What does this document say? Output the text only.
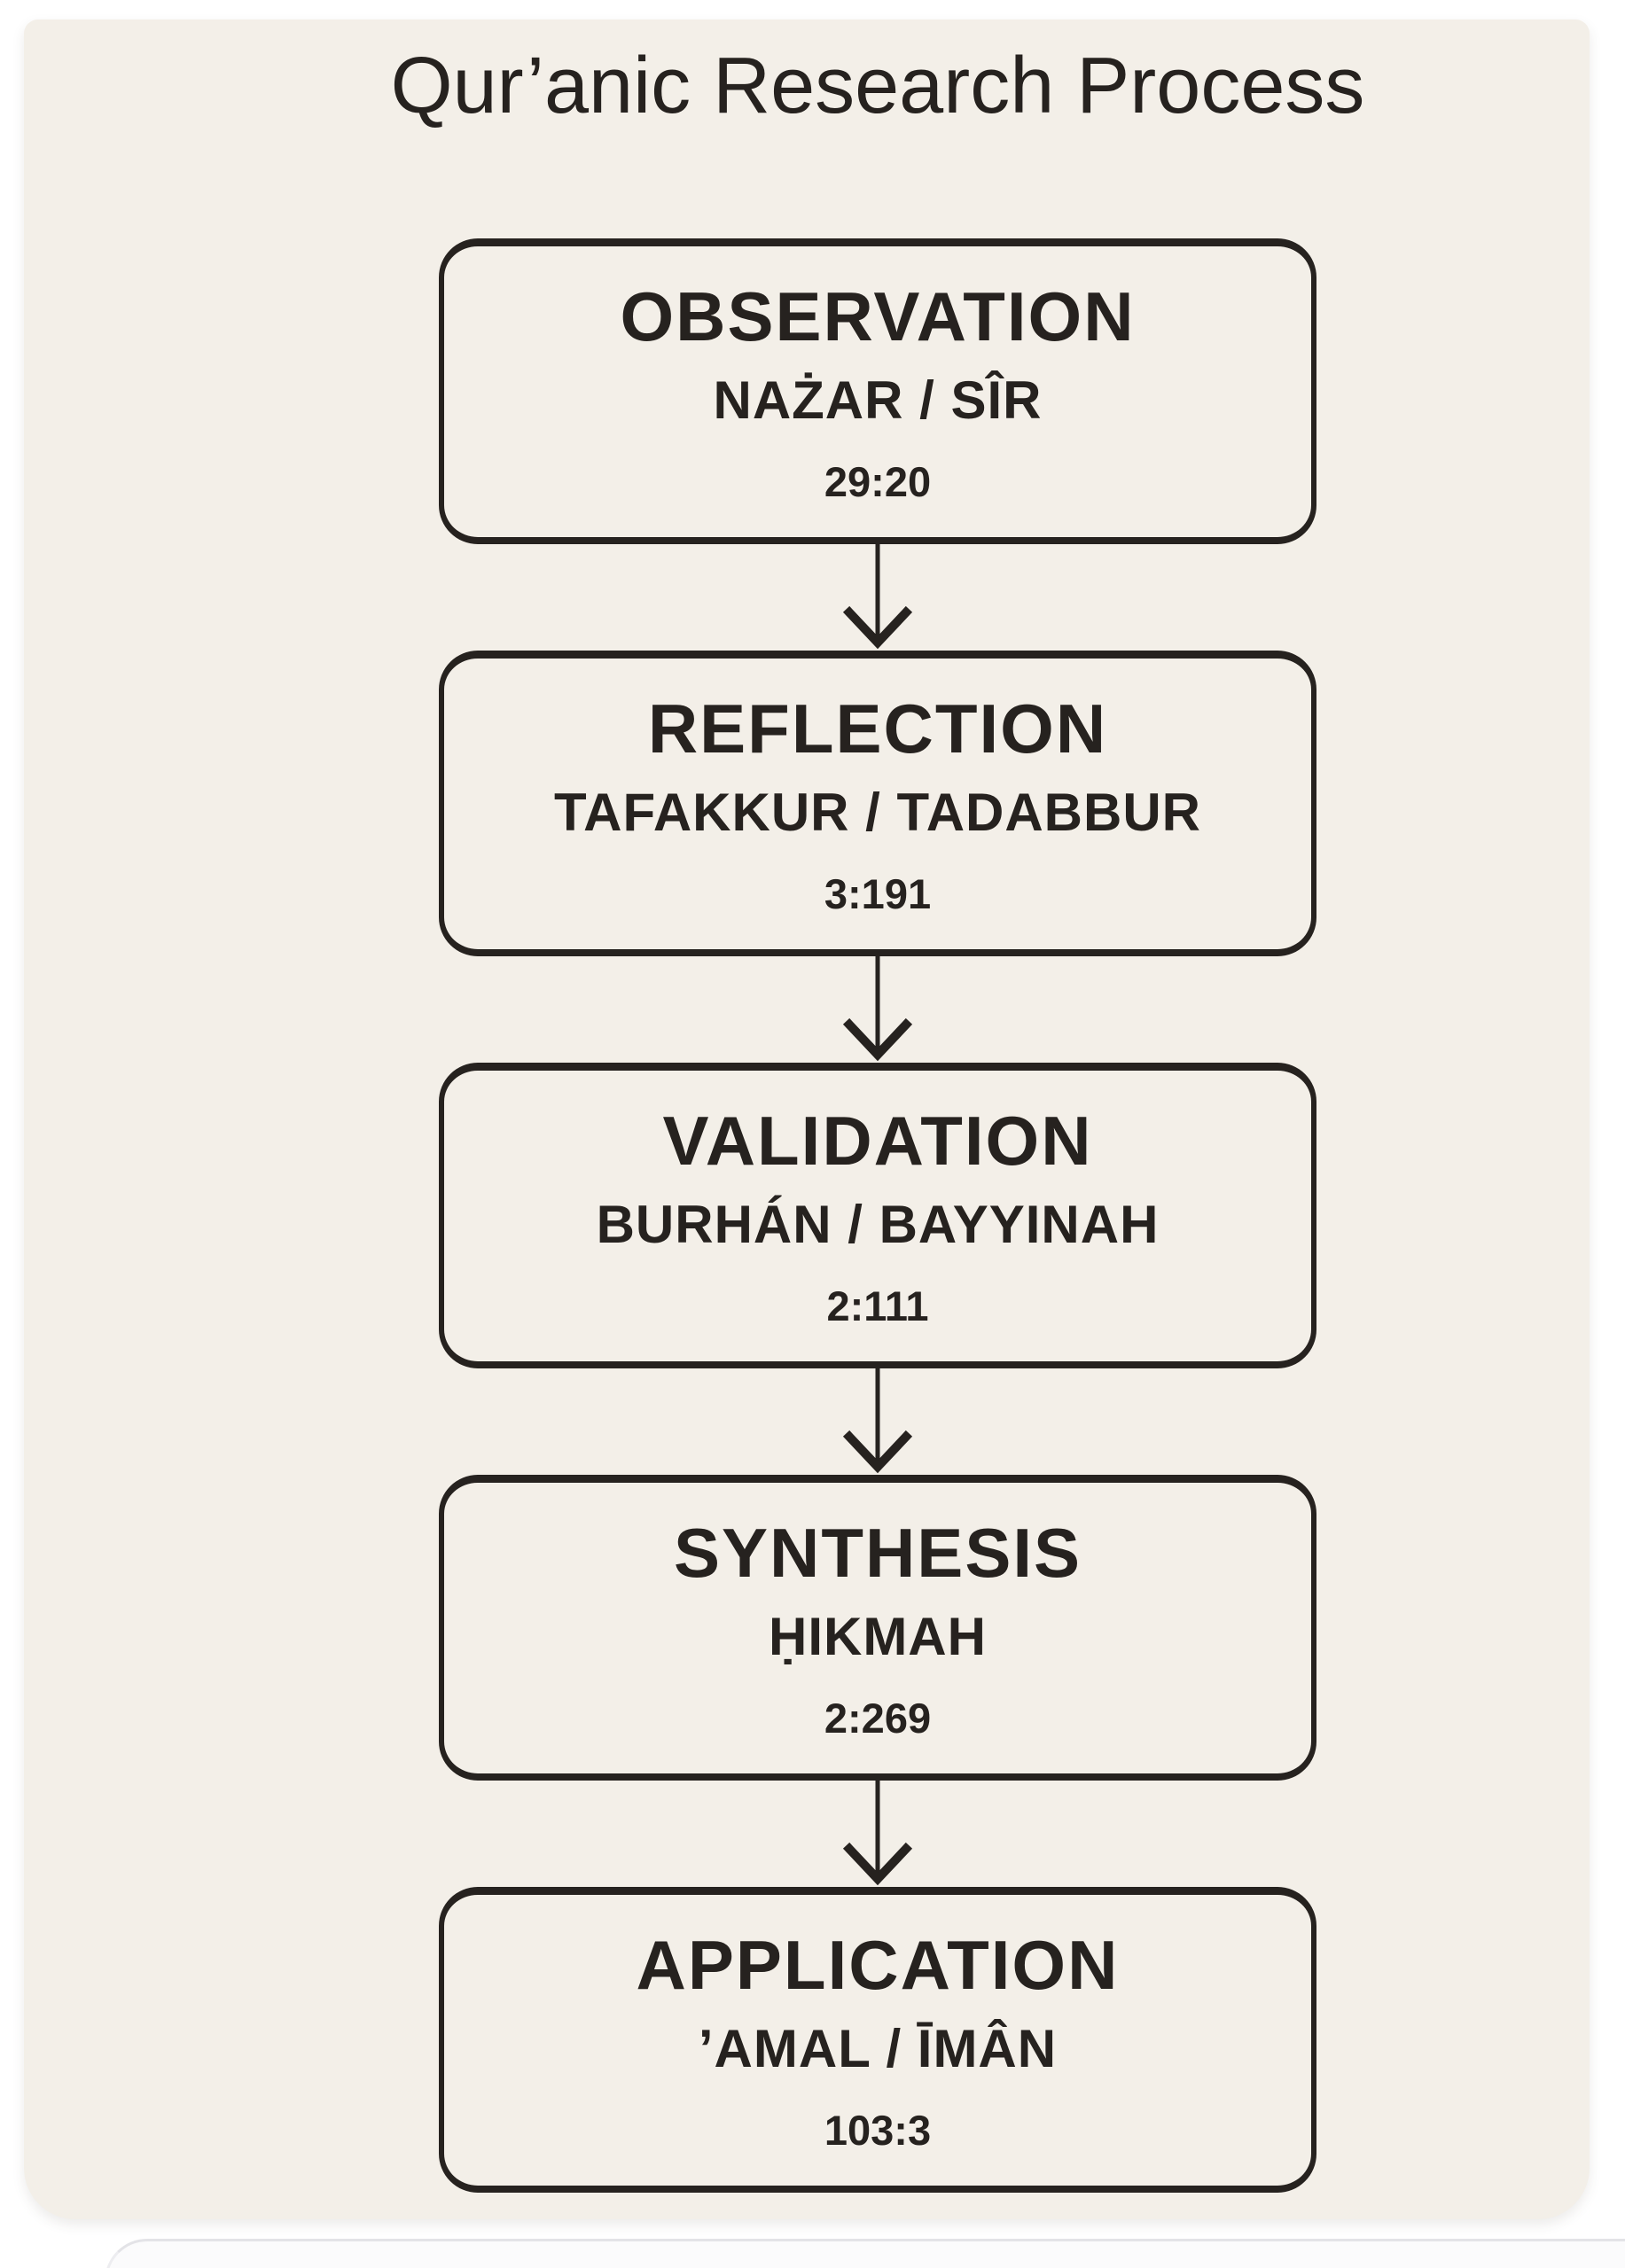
Qur’anic Research Process
OBSERVATION
NAŻAR / SÎR
29:20
REFLECTION
TAFAKKUR / TADABBUR
3:191
VALIDATION
BURHÁN / BAYYINAH
2:111
SYNTHESIS
ḤIKMAH
2:269
APPLICATION
’AMAL / ĪMÂN
103:3
